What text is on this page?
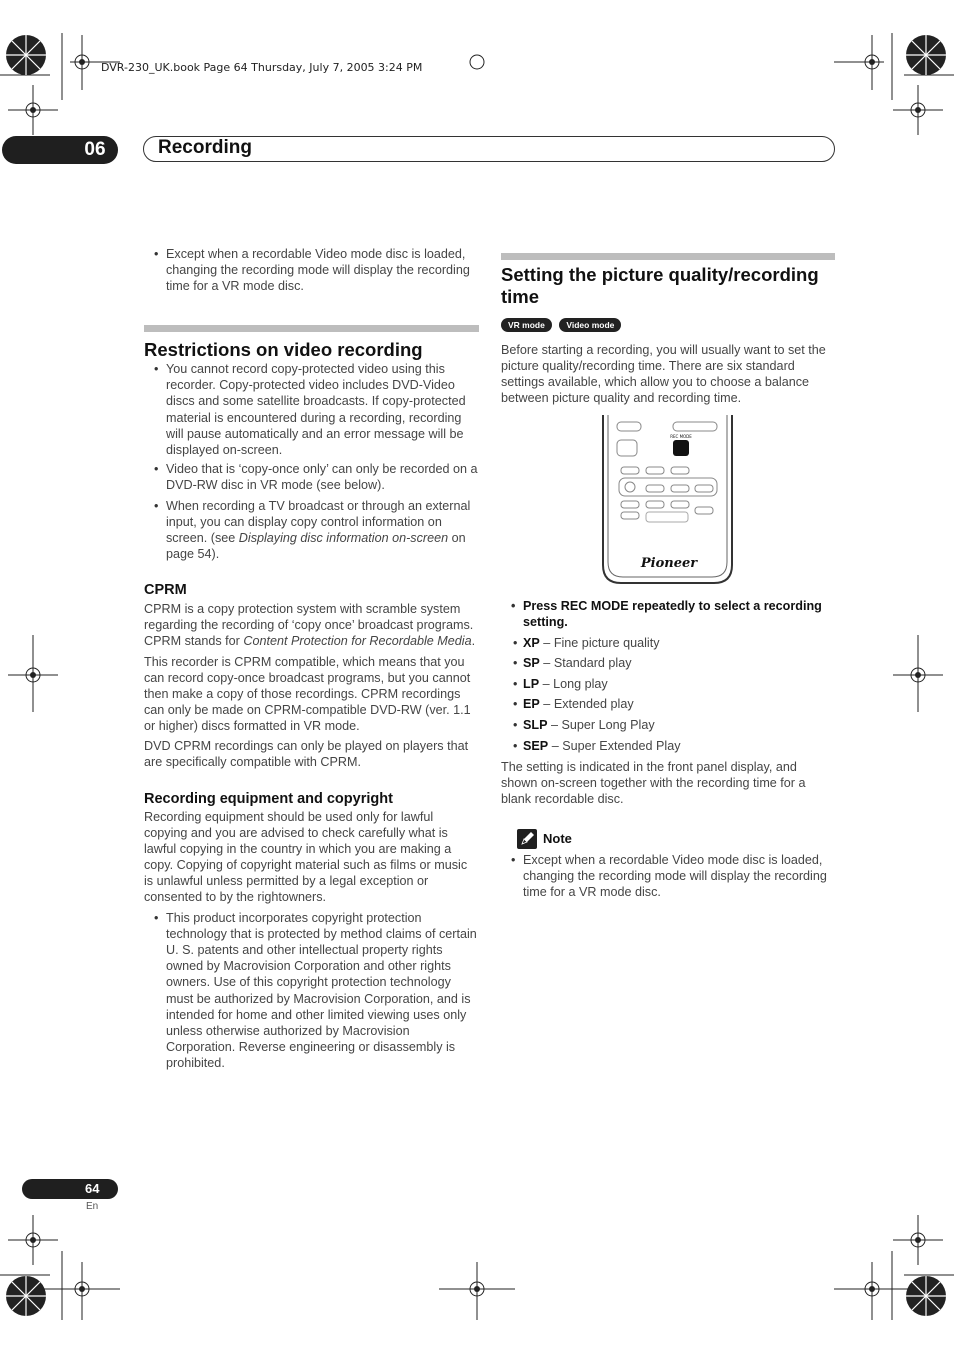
DVR-230_UK.book Page 64 Thursday, July 7, 2005 3:24 PM
06	Recording
• Except when a recordable Video mode disc is loaded, changing the recording mode will display the recording time for a VR mode disc.
Restrictions on video recording
• You cannot record copy-protected video using this recorder. Copy-protected video includes DVD-Video discs and some satellite broadcasts. If copy-protected material is encountered during a recording, recording will pause automatically and an error message will be displayed on-screen.
• Video that is ‘copy-once only’ can only be recorded on a DVD-RW disc in VR mode (see below).
• When recording a TV broadcast or through an external input, you can display copy control information on screen. (see Displaying disc information on-screen on page 54).
CPRM

CPRM is a copy protection system with scramble system regarding the recording of ‘copy once’ broadcast programs. CPRM stands for Content Protection for Recordable Media.

This recorder is CPRM compatible, which means that you can record copy-once broadcast programs, but you cannot then make a copy of those recordings. CPRM recordings can only be made on CPRM-compatible DVD-RW (ver. 1.1 or higher) discs formatted in VR mode.

DVD CPRM recordings can only be played on players that are specifically compatible with CPRM.

Recording equipment and copyright

Recording equipment should be used only for lawful copying and you are advised to check carefully what is lawful copying in the country in which you are making a copy. Copying of copyright material such as films or music is unlawful unless permitted by a legal exception or consented to by the rightowners.

• This product incorporates copyright protection technology that is protected by method claims of certain U. S. patents and other intellectual property rights owned by Macrovision Corporation and other rights owners. Use of this copyright protection technology must be authorized by Macrovision Corporation, and is intended for home and other limited viewing uses only unless otherwise authorized by Macrovision Corporation. Reverse engineering or disassembly is prohibited.
Setting the picture quality/recording time
VR mode	Video mode

Before starting a recording, you will usually want to set the picture quality/recording time. There are six standard settings available, which allow you to choose a balance between picture quality and recording time.

REC MODE
Pioneer
• Press REC MODE repeatedly to select a recording setting.
• XP – Fine picture quality
• SP – Standard play
• LP – Long play
• EP – Extended play
• SLP – Super Long Play
• SEP – Super Extended Play

The setting is indicated in the front panel display, and shown on-screen together with the recording time for a blank recordable disc.

Note
• Except when a recordable Video mode disc is loaded, changing the recording mode will display the recording time for a VR mode disc.
64
En
